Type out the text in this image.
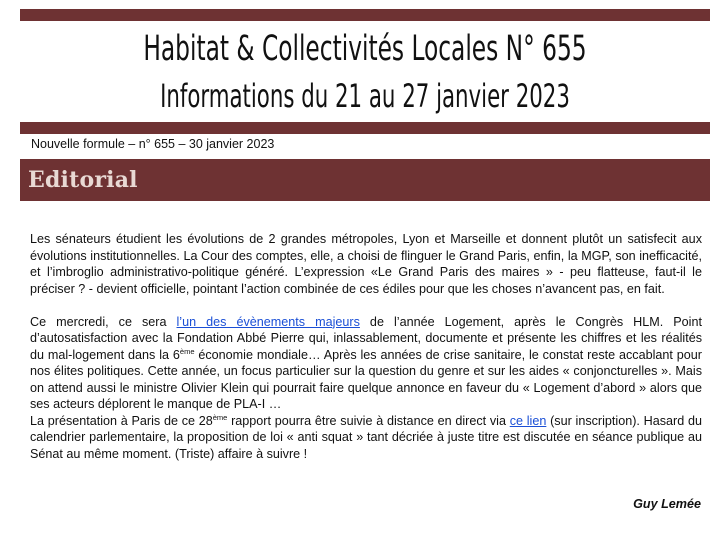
Habitat & Collectivités Locales N° 655
Informations du 21 au 27 janvier 2023
Nouvelle formule – n° 655 – 30 janvier 2023
Editorial

Les sénateurs étudient les évolutions de 2 grandes métropoles, Lyon et Marseille et donnent plutôt un satisfecit aux évolutions institutionnelles. La Cour des comptes, elle, a choisi de flinguer le Grand Paris, enfin, la MGP, son inefficacité, et l’imbroglio administrativo-politique généré. L’expression «Le Grand Paris des maires » - peu flatteuse, faut-il le préciser ? - devient officielle, pointant l’action combinée de ces édiles pour que les choses n’avancent pas, en fait.

Ce mercredi, ce sera l’un des évènements majeurs de l’année Logement, après le Congrès HLM. Point d’autosatisfaction avec la Fondation Abbé Pierre qui, inlassablement, documente et présente les chiffres et les réalités du mal-logement dans la 6ème économie mondiale… Après les années de crise sanitaire, le constat reste accablant pour nos élites politiques. Cette année, un focus particulier sur la question du genre et sur les aides « conjoncturelles ». Mais on attend aussi le ministre Olivier Klein qui pourrait faire quelque annonce en faveur du « Logement d’abord » alors que ses acteurs déplorent le manque de PLA-I …

La présentation à Paris de ce 28ème rapport pourra être suivie à distance en direct via ce lien (sur inscription). Hasard du calendrier parlementaire, la proposition de loi « anti squat » tant décriée à juste titre est discutée en séance publique au Sénat au même moment. (Triste) affaire à suivre !

Guy Lemée
